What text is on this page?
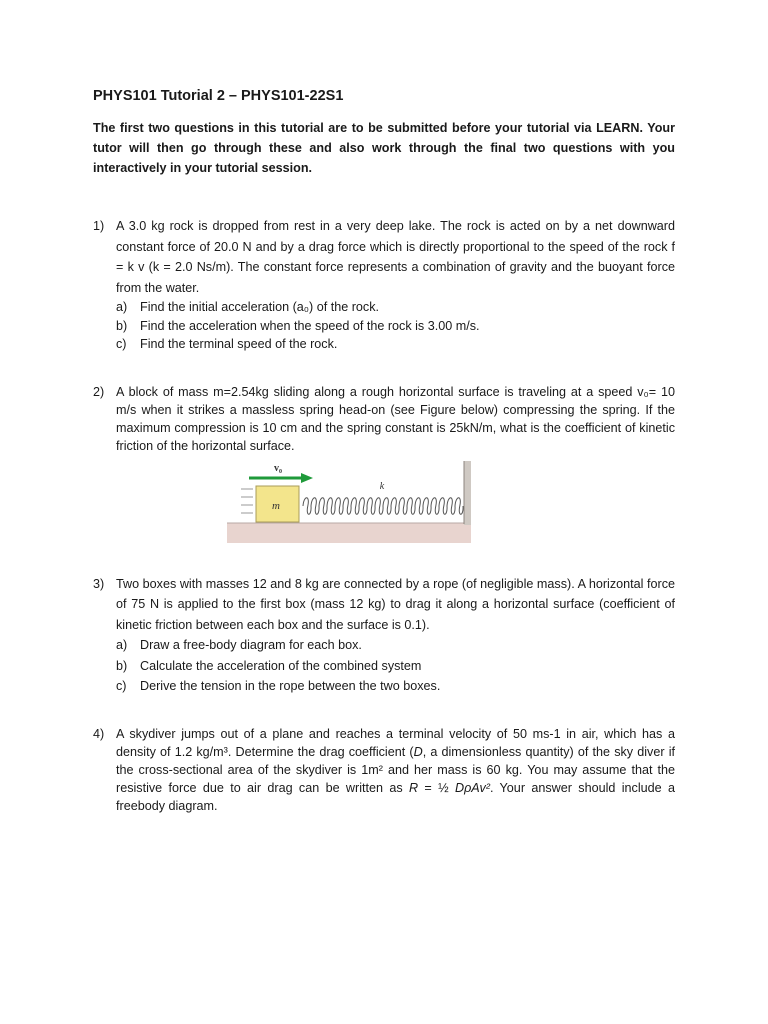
PHYS101 Tutorial 2 – PHYS101-22S1
The first two questions in this tutorial are to be submitted before your tutorial via LEARN. Your tutor will then go through these and also work through the final two questions with you interactively in your tutorial session.
1) A 3.0 kg rock is dropped from rest in a very deep lake. The rock is acted on by a net downward constant force of 20.0 N and by a drag force which is directly proportional to the speed of the rock f = k v (k = 2.0 Ns/m). The constant force represents a combination of gravity and the buoyant force from the water.
a)	Find the initial acceleration (a₀) of the rock.
b)	Find the acceleration when the speed of the rock is 3.00 m/s.
c)	Find the terminal speed of the rock.
2) A block of mass m=2.54kg sliding along a rough horizontal surface is traveling at a speed v₀= 10 m/s when it strikes a massless spring head-on (see Figure below) compressing the spring. If the maximum compression is 10 cm and the spring constant is 25kN/m, what is the coefficient of kinetic friction of the horizontal surface.
m
v₀
k
3) Two boxes with masses 12 and 8 kg are connected by a rope (of negligible mass). A horizontal force of 75 N is applied to the first box (mass 12 kg) to drag it along a horizontal surface (coefficient of kinetic friction between each box and the surface is 0.1).
a)	Draw a free-body diagram for each box.
b)	Calculate the acceleration of the combined system
c)	Derive the tension in the rope between the two boxes.
4) A skydiver jumps out of a plane and reaches a terminal velocity of 50 ms-1 in air, which has a density of 1.2 kg/m³. Determine the drag coefficient (D, a dimensionless quantity) of the sky diver if the cross-sectional area of the skydiver is 1m² and her mass is 60 kg. You may assume that the resistive force due to air drag can be written as R = ½ DρAv². Your answer should include a freebody diagram.
